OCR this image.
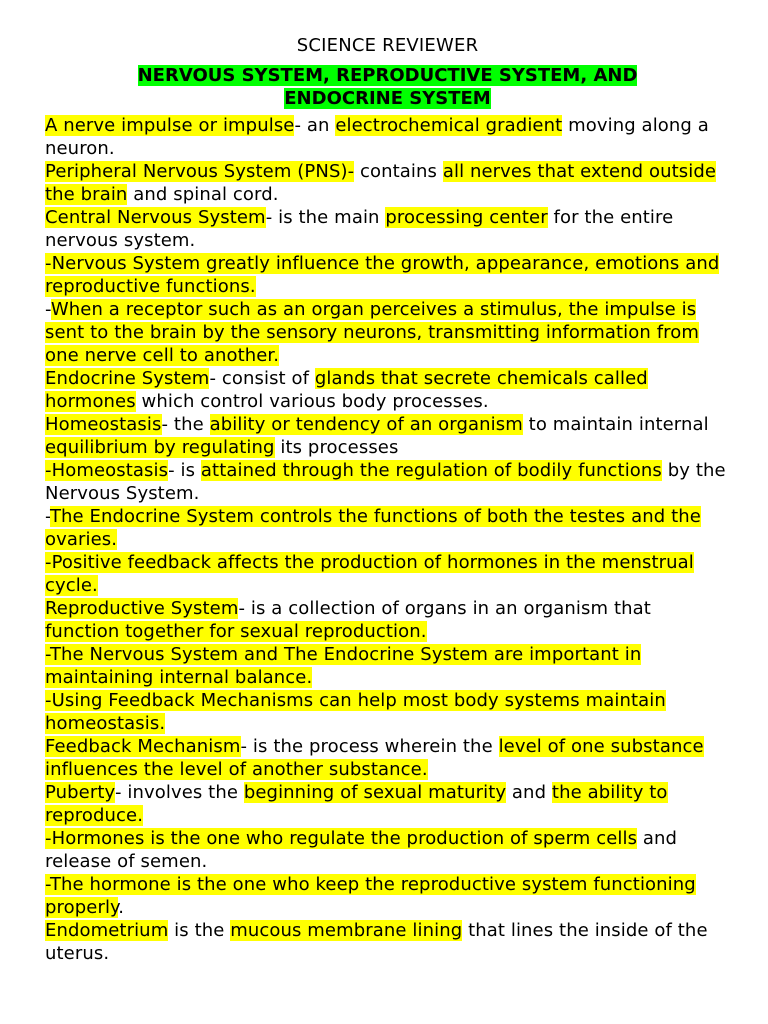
SCIENCE REVIEWER

NERVOUS SYSTEM, REPRODUCTIVE SYSTEM, AND
ENDOCRINE SYSTEM

A nerve impulse or impulse- an electrochemical gradient moving along a neuron.

Peripheral Nervous System (PNS)- contains all nerves that extend outside the brain and spinal cord.

Central Nervous System- is the main processing center for the entire nervous system.

-Nervous System greatly influence the growth, appearance, emotions and reproductive functions.

-When a receptor such as an organ perceives a stimulus, the impulse is sent to the brain by the sensory neurons, transmitting information from one nerve cell to another.

Endocrine System- consist of glands that secrete chemicals called hormones which control various body processes.

Homeostasis- the ability or tendency of an organism to maintain internal equilibrium by regulating its processes

-Homeostasis- is attained through the regulation of bodily functions by the Nervous System.

-The Endocrine System controls the functions of both the testes and the ovaries.

-Positive feedback affects the production of hormones in the menstrual cycle.

Reproductive System- is a collection of organs in an organism that function together for sexual reproduction.

-The Nervous System and The Endocrine System are important in maintaining internal balance.

-Using Feedback Mechanisms can help most body systems maintain homeostasis.

Feedback Mechanism- is the process wherein the level of one substance influences the level of another substance.

Puberty- involves the beginning of sexual maturity and the ability to reproduce.

-Hormones is the one who regulate the production of sperm cells and release of semen.

-The hormone is the one who keep the reproductive system functioning properly.

Endometrium is the mucous membrane lining that lines the inside of the uterus.
